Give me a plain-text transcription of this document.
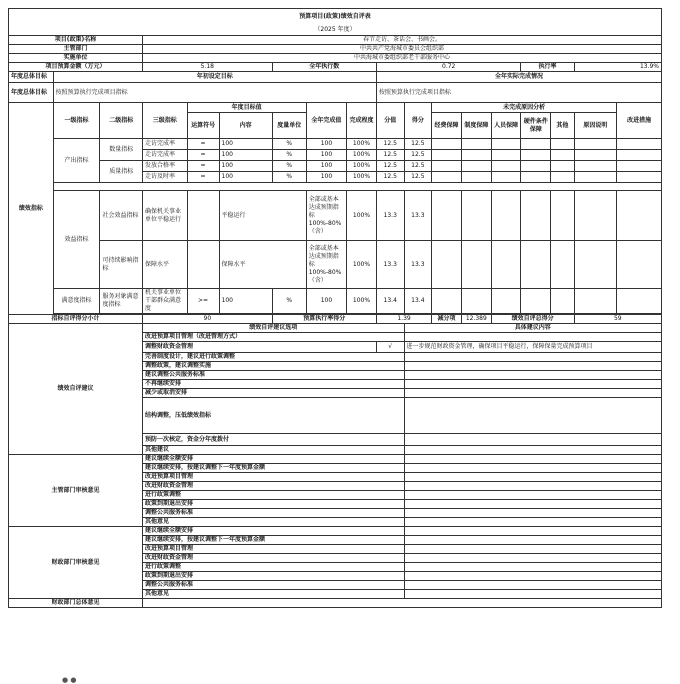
预算项目(政策)绩效自评表																	
（2025 年度）																	
项目(政策)名称			春节走访、茶话会、书画会。														
主管部门			中共共产党海城市委员会组织部														
实施单位			中共海城市委组织部老干部服务中心														
项目预算金额（万元）			5.18			全年执行数			0.72					执行率		13.9%	
年度总体目标	年初设定目标								全年实际完成情况								
年度总体目标	按照预算执行完成项目指标								按照预算执行完成项目指标								
绩效指标	一级指标	二级指标	三级指标	年度目标值			全年完成值	完成程度	分值	得分	未完成原因分析						改进措施
				运算符号	内容	度量单位					经费保障	制度保障	人员保障	硬件条件保障	其他	原因说明	
	产出指标	数量指标	走访完成率	=	100	%	100	100%	12.5	12.5							
			走访完成率	=	100	%	100	100%	12.5	12.5							
		质量指标	发放合格率	=	100	%	100	100%	12.5	12.5							
			走访及时率	=	100	%	100	100%	12.5	12.5							

	效益指标	社会效益指标	确保机关事业单位平稳运行		平稳运行		全部或基本达成预期指标100%-80%（含）	100%	13.3	13.3							
		可持续影响指标	保障水平		保障水平		全部或基本达成预期指标100%-80%（含）	100%	13.3	13.3							
	满意度指标	服务对象满意度指标	机关事业单位干部群众满意度	>=	100	%	100	100%	13.4	13.4							

指标自评得分小计			90			预算执行率得分			1.39		减分项	12.389	绩效自评总得分			59	
绩效自评建议			绩效自评建议选项							具体建议内容							
			改进预算项目管理（改进管理方式）														
			调整财政资金管理						√	进一步规范财政资金管理，确保项目平稳运行，保障保量完成预算项目							
			完善制度设计，建议进行政策调整														
			调整政策，建议调整实施														
			建议调整公共服务标准														
			不再继续安排														
			减少或取消安排														
			结构调整，压低绩效指标														
			预防一次核定，资金分年度拨付														
			其他建议														
主管部门审核意见			建议继续全额安排														
			建议继续安排，按建议调整下一年度预算金额														
			改进预算项目管理														
			改进财政资金管理														
			进行政策调整														
			政策到期退出安排														
			调整公共服务标准														
			其他意见														
财政部门审核意见			建议继续全额安排														
			建议继续安排，按建议调整下一年度预算金额														
			改进预算项目管理														
			改进财政资金管理														
			进行政策调整														
			政策到期退出安排														
			调整公共服务标准														
			其他意见														
财政部门总体意见																	
● ●
